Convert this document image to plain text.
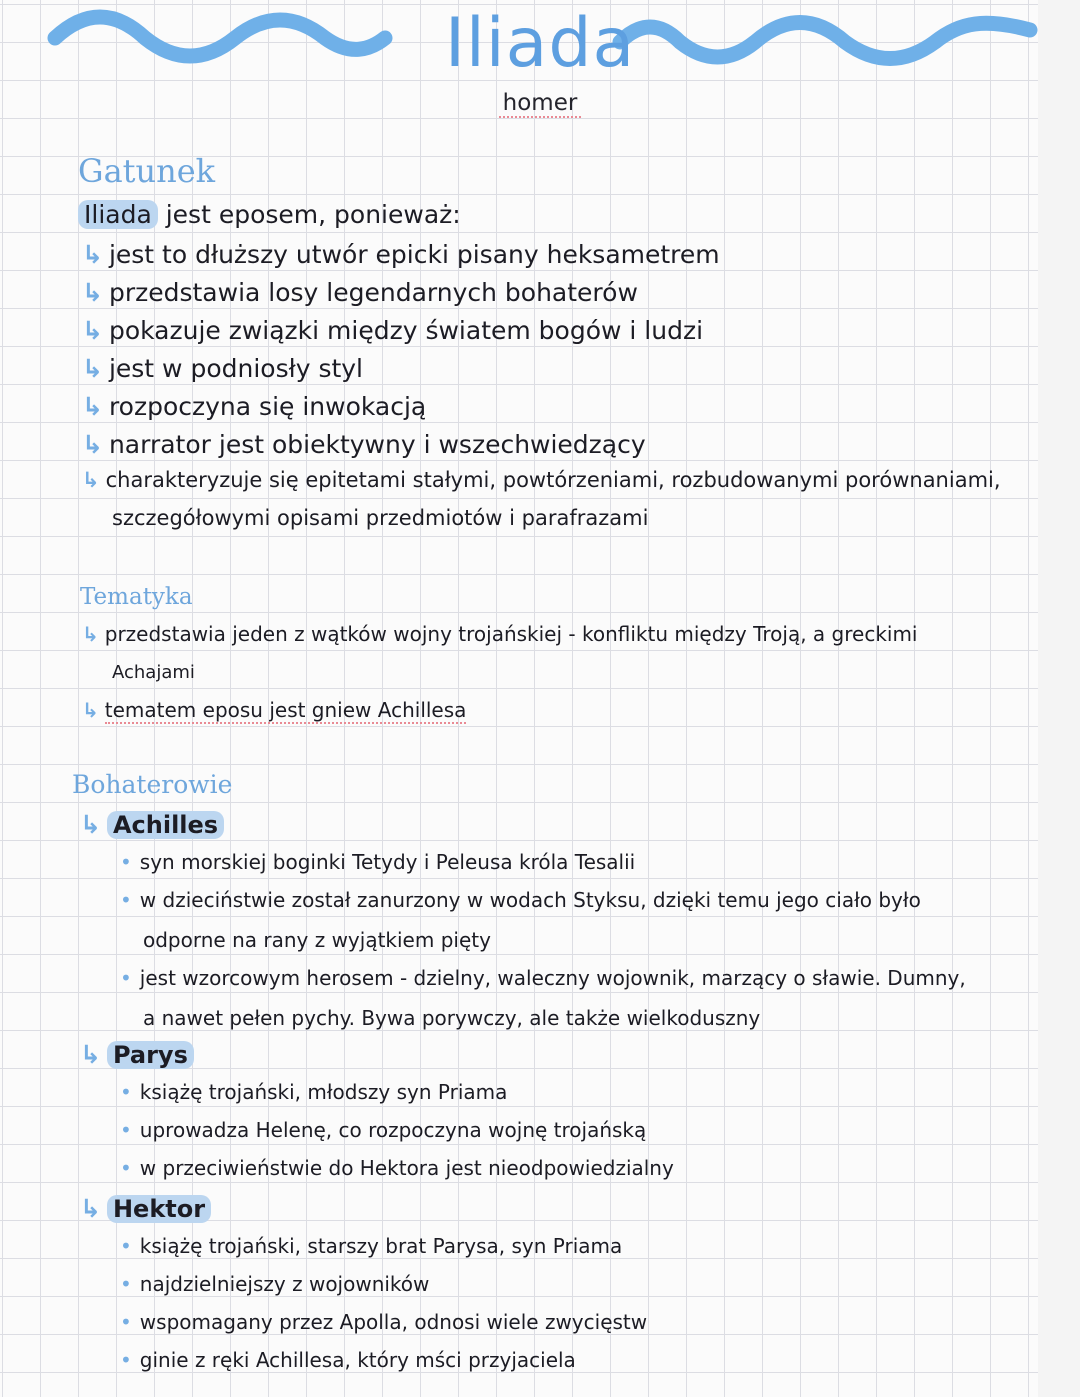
Iliada
homer
Gatunek
Iliada jest eposem, ponieważ:
↳ jest to dłuższy utwór epicki pisany heksametrem
↳ przedstawia losy legendarnych bohaterów
↳ pokazuje związki między światem bogów i ludzi
↳ jest w podniosły styl
↳ rozpoczyna się inwokacją
↳ narrator jest obiektywny i wszechwiedzący
↳ charakteryzuje się epitetami stałymi, powtórzeniami, rozbudowanymi porównaniami,
szczegółowymi opisami przedmiotów i parafrazami
Tematyka
↳ przedstawia jeden z wątków wojny trojańskiej - konfliktu między Troją, a greckimi
Achajami
↳ tematem eposu jest gniew Achillesa
Bohaterowie
↳ Achilles
• syn morskiej boginki Tetydy i Peleusa króla Tesalii
• w dzieciństwie został zanurzony w wodach Styksu, dzięki temu jego ciało było
odporne na rany z wyjątkiem pięty
• jest wzorcowym herosem - dzielny, waleczny wojownik, marzący o sławie. Dumny,
a nawet pełen pychy. Bywa porywczy, ale także wielkoduszny
↳ Parys
• książę trojański, młodszy syn Priama
• uprowadza Helenę, co rozpoczyna wojnę trojańską
• w przeciwieństwie do Hektora jest nieodpowiedzialny
↳ Hektor
• książę trojański, starszy brat Parysa, syn Priama
• najdzielniejszy z wojowników
• wspomagany przez Apolla, odnosi wiele zwycięstw
• ginie z ręki Achillesa, który mści przyjaciela
